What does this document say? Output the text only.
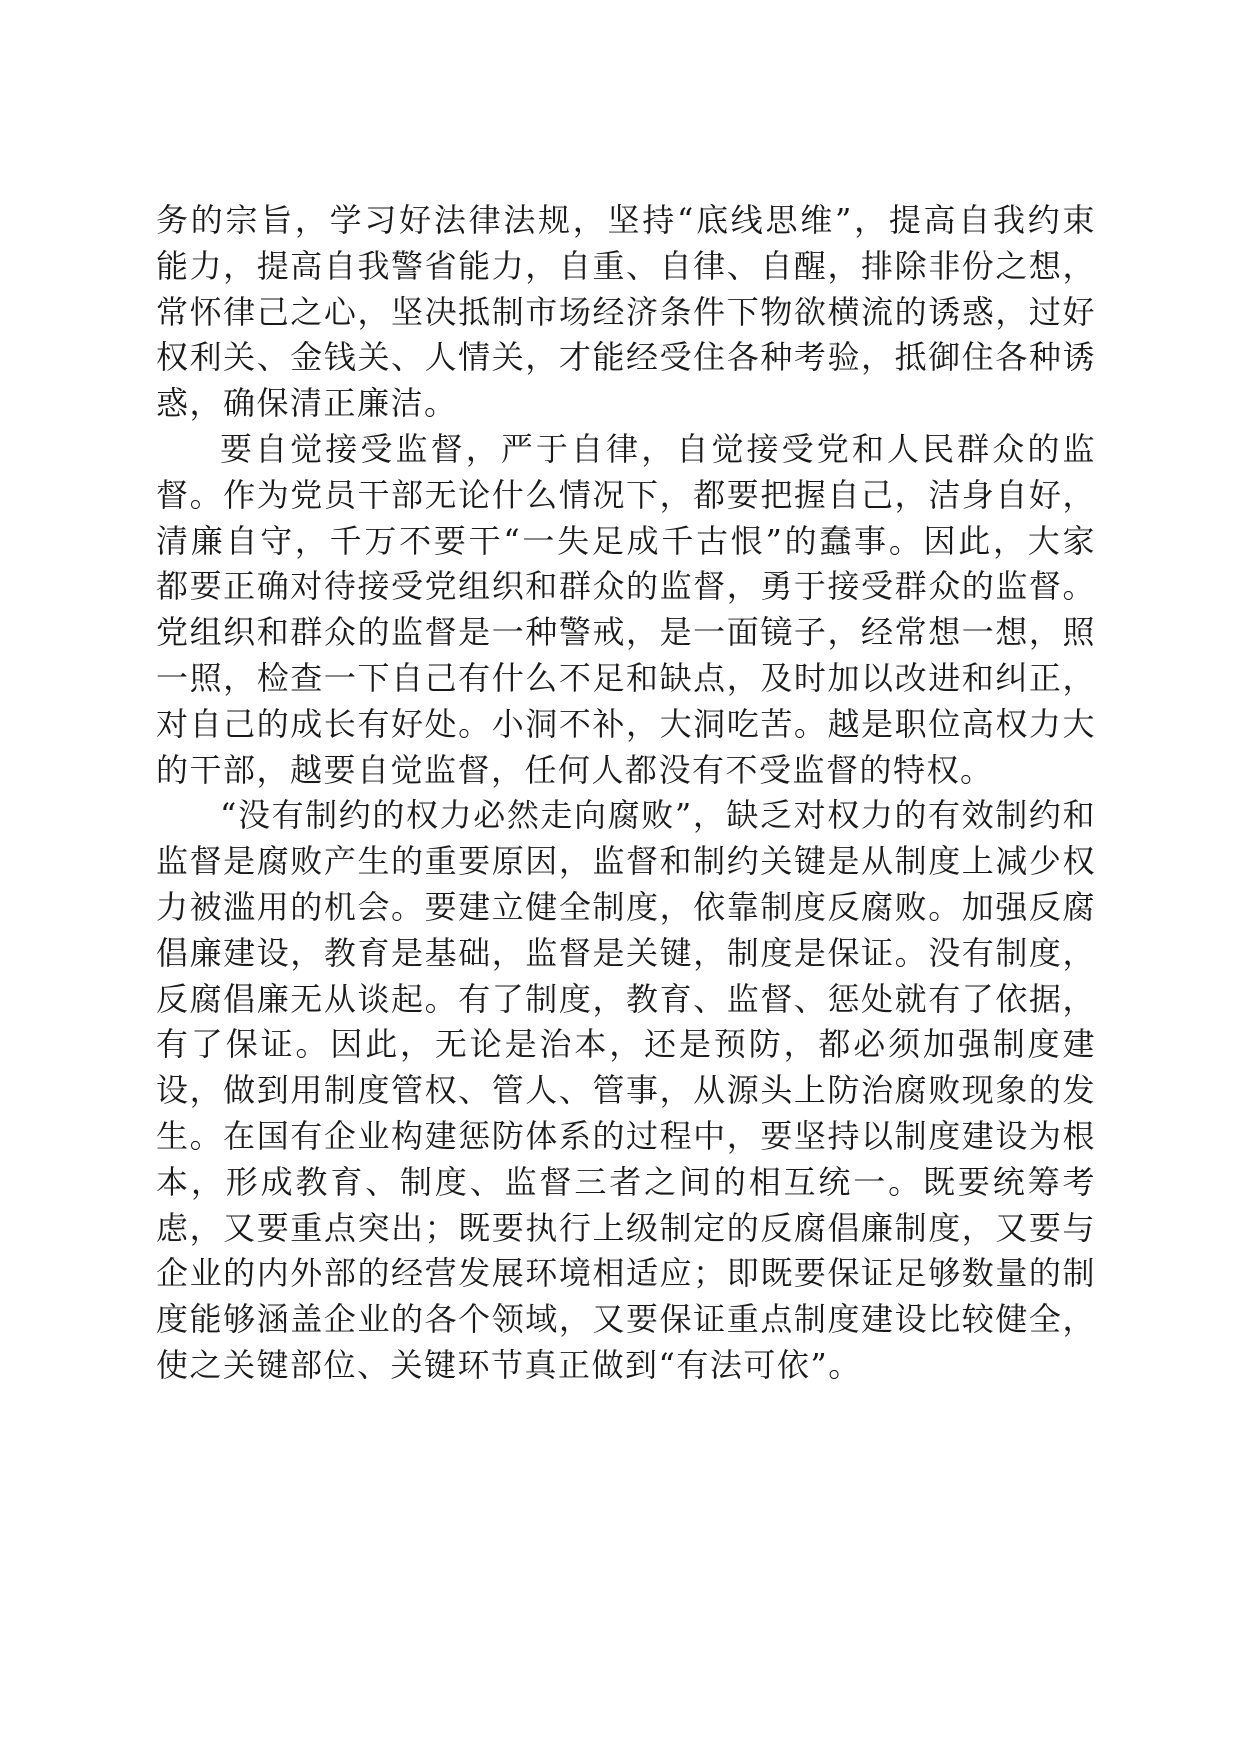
务的宗旨，学习好法律法规，坚持“底线思维”，提高自我约束能力，提高自我警省能力，自重、自律、自醒，排除非份之想，常怀律己之心，坚决抵制市场经济条件下物欲横流的诱惑，过好权利关、金钱关、人情关，才能经受住各种考验，抵御住各种诱惑，确保清正廉洁。

要自觉接受监督，严于自律，自觉接受党和人民群众的监督。作为党员干部无论什么情况下，都要把握自己，洁身自好，清廉自守，千万不要干“一失足成千古恨”的蠢事。因此，大家都要正确对待接受党组织和群众的监督，勇于接受群众的监督。党组织和群众的监督是一种警戒，是一面镜子，经常想一想，照一照，检查一下自己有什么不足和缺点，及时加以改进和纠正，对自己的成长有好处。小洞不补，大洞吃苦。越是职位高权力大的干部，越要自觉监督，任何人都没有不受监督的特权。

“没有制约的权力必然走向腐败”，缺乏对权力的有效制约和监督是腐败产生的重要原因，监督和制约关键是从制度上减少权力被滥用的机会。要建立健全制度，依靠制度反腐败。加强反腐倡廉建设，教育是基础，监督是关键，制度是保证。没有制度，反腐倡廉无从谈起。有了制度，教育、监督、惩处就有了依据，有了保证。因此，无论是治本，还是预防，都必须加强制度建设，做到用制度管权、管人、管事，从源头上防治腐败现象的发生。在国有企业构建惩防体系的过程中，要坚持以制度建设为根本，形成教育、制度、监督三者之间的相互统一。既要统筹考虑，又要重点突出；既要执行上级制定的反腐倡廉制度，又要与企业的内外部的经营发展环境相适应；即既要保证足够数量的制度能够涵盖企业的各个领域，又要保证重点制度建设比较健全，使之关键部位、关键环节真正做到“有法可依”。
